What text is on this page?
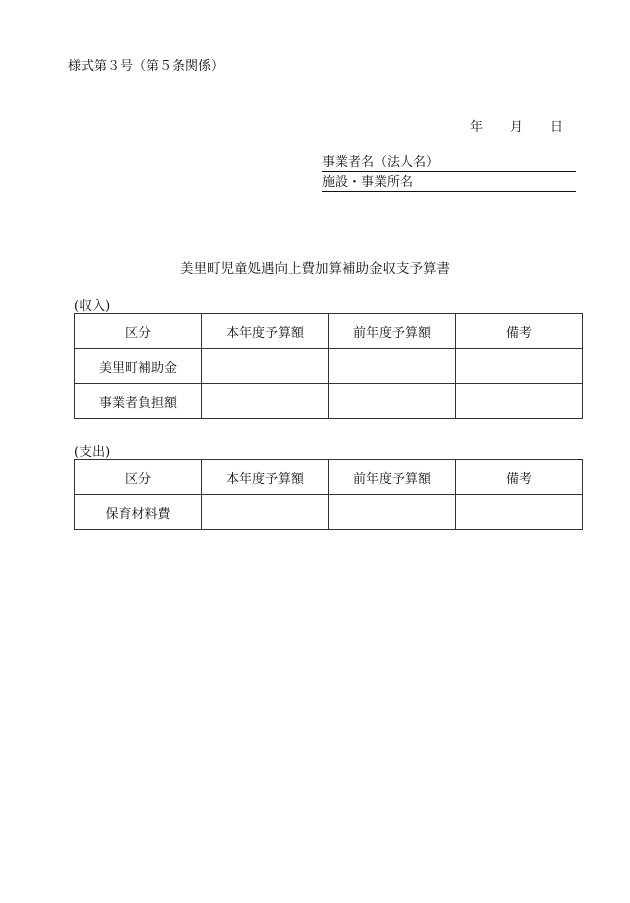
様式第３号（第５条関係）
年 月 日
事業者名（法人名）
施設・事業所名
美里町児童処遇向上費加算補助金収支予算書
(収入)
区分	本年度予算額	前年度予算額	備考
美里町補助金			
事業者負担額			
(支出)
区分	本年度予算額	前年度予算額	備考
保育材料費			
